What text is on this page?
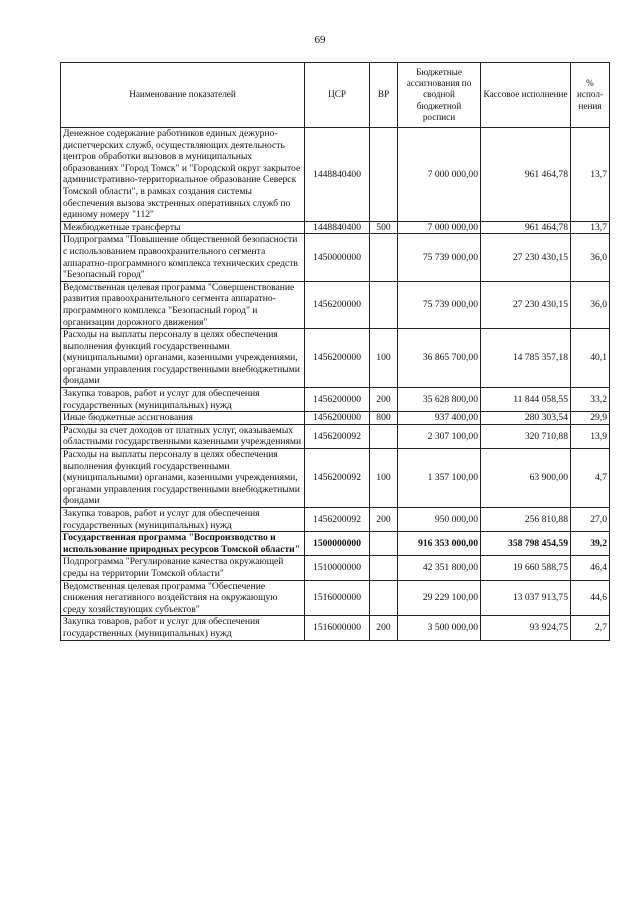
69
Наименование показателей	ЦСР	ВР	Бюджетные ассигнования по сводной бюджетной росписи	Кассовое исполнение	% испол-нения
Денежное содержание работников единых дежурно-диспетчерских служб, осуществляющих деятельность центров обработки вызовов в муниципальных образованиях "Город Томск" и "Городской округ закрытое административно-территориальное образование Северск Томской области", в рамках создания системы обеспечения вызова экстренных оперативных служб по единому номеру "112"	1448840400		7 000 000,00	961 464,78	13,7
Межбюджетные трансферты	1448840400	500	7 000 000,00	961 464,78	13,7
Подпрограмма "Повышение общественной безопасности с использованием правоохранительного сегмента аппаратно-программного комплекса технических средств "Безопасный город"	1450000000		75 739 000,00	27 230 430,15	36,0
Ведомственная целевая программа "Совершенствование развития правоохранительного сегмента аппаратно-программного комплекса "Безопасный город" и организации дорожного движения"	1456200000		75 739 000,00	27 230 430,15	36,0
Расходы на выплаты персоналу в целях обеспечения выполнения функций государственными (муниципальными) органами, казенными учреждениями, органами управления государственными внебюджетными фондами	1456200000	100	36 865 700,00	14 785 357,18	40,1
Закупка товаров, работ и услуг для обеспечения государственных (муниципальных) нужд	1456200000	200	35 628 800,00	11 844 058,55	33,2
Иные бюджетные ассигнования	1456200000	800	937 400,00	280 303,54	29,9
Расходы за счет доходов от платных услуг, оказываемых областными государственными казенными учреждениями	1456200092		2 307 100,00	320 710,88	13,9
Расходы на выплаты персоналу в целях обеспечения выполнения функций государственными (муниципальными) органами, казенными учреждениями, органами управления государственными внебюджетными фондами	1456200092	100	1 357 100,00	63 900,00	4,7
Закупка товаров, работ и услуг для обеспечения государственных (муниципальных) нужд	1456200092	200	950 000,00	256 810,88	27,0
Государственная программа "Воспроизводство и использование природных ресурсов Томской области"	1500000000		916 353 000,00	358 798 454,59	39,2
Подпрограмма "Регулирование качества окружающей среды на территории Томской области"	1510000000		42 351 800,00	19 660 588,75	46,4
Ведомственная целевая программа "Обеспечение снижения негативного воздействия на окружающую среду хозяйствующих субъектов"	1516000000		29 229 100,00	13 037 913,75	44,6
Закупка товаров, работ и услуг для обеспечения государственных (муниципальных) нужд	1516000000	200	3 500 000,00	93 924,75	2,7
